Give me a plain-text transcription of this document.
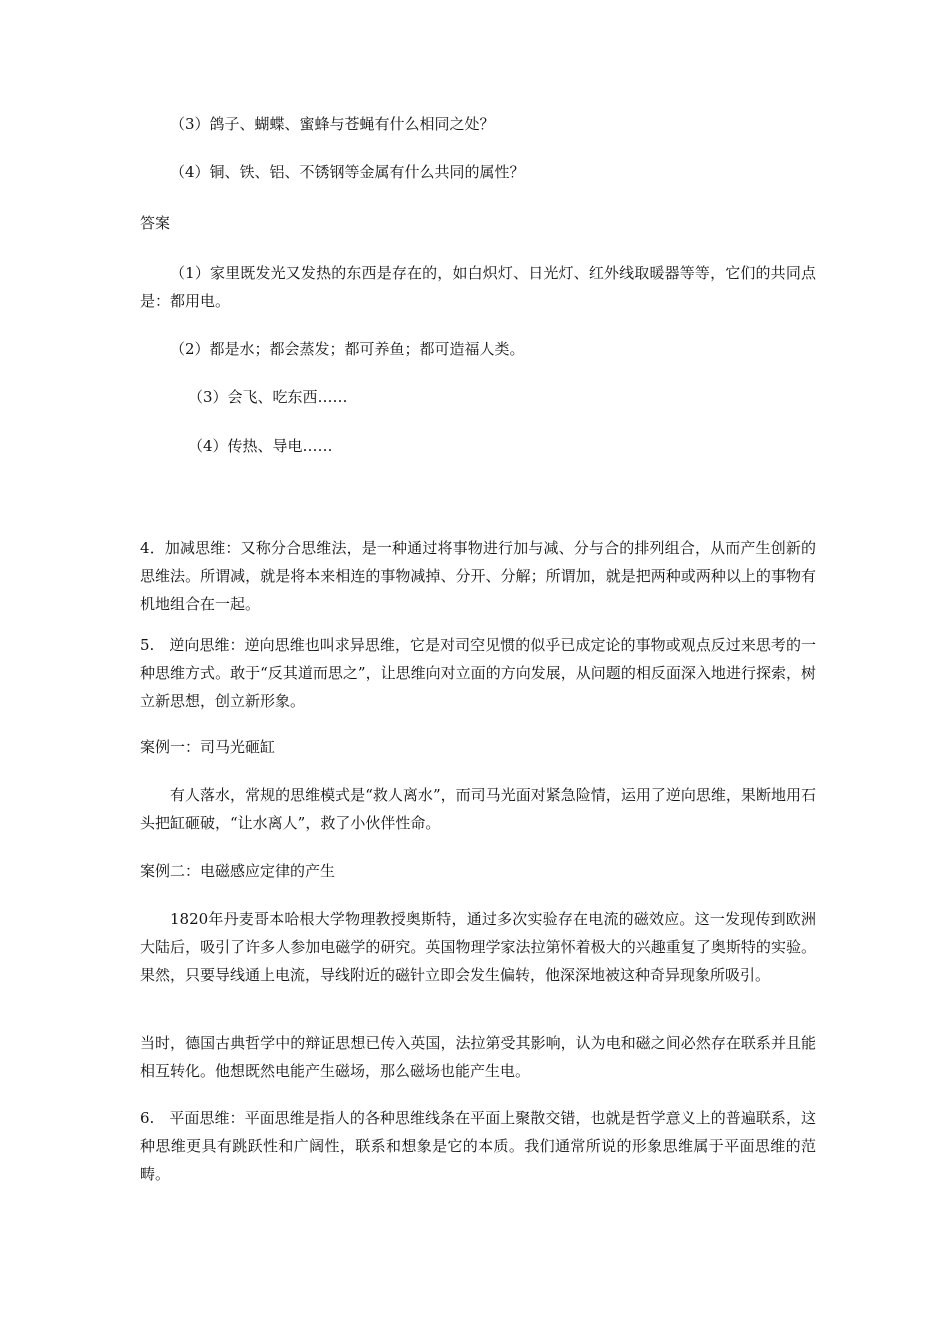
（3）鸽子、蝴蝶、蜜蜂与苍蝇有什么相同之处？

（4）铜、铁、铝、不锈钢等金属有什么共同的属性？

答案

（1）家里既发光又发热的东西是存在的，如白炽灯、日光灯、红外线取暖器等等，它们的共同点是：都用电。

（2）都是水；都会蒸发；都可养鱼；都可造福人类。

（3）会飞、吃东西……

（4）传热、导电……

4．加减思维：又称分合思维法，是一种通过将事物进行加与减、分与合的排列组合，从而产生创新的思维法。所谓减，就是将本来相连的事物减掉、分开、分解；所谓加，就是把两种或两种以上的事物有机地组合在一起。

5.　逆向思维：逆向思维也叫求异思维，它是对司空见惯的似乎已成定论的事物或观点反过来思考的一种思维方式。敢于“反其道而思之”，让思维向对立面的方向发展，从问题的相反面深入地进行探索，树立新思想，创立新形象。

案例一：司马光砸缸

有人落水，常规的思维模式是“救人离水”，而司马光面对紧急险情，运用了逆向思维，果断地用石头把缸砸破，“让水离人”，救了小伙伴性命。

案例二：电磁感应定律的产生

1820年丹麦哥本哈根大学物理教授奥斯特，通过多次实验存在电流的磁效应。这一发现传到欧洲大陆后，吸引了许多人参加电磁学的研究。英国物理学家法拉第怀着极大的兴趣重复了奥斯特的实验。果然，只要导线通上电流，导线附近的磁针立即会发生偏转，他深深地被这种奇异现象所吸引。

当时，德国古典哲学中的辩证思想已传入英国，法拉第受其影响，认为电和磁之间必然存在联系并且能相互转化。他想既然电能产生磁场，那么磁场也能产生电。

6.　平面思维：平面思维是指人的各种思维线条在平面上聚散交错，也就是哲学意义上的普遍联系，这种思维更具有跳跃性和广阔性，联系和想象是它的本质。我们通常所说的形象思维属于平面思维的范畴。
